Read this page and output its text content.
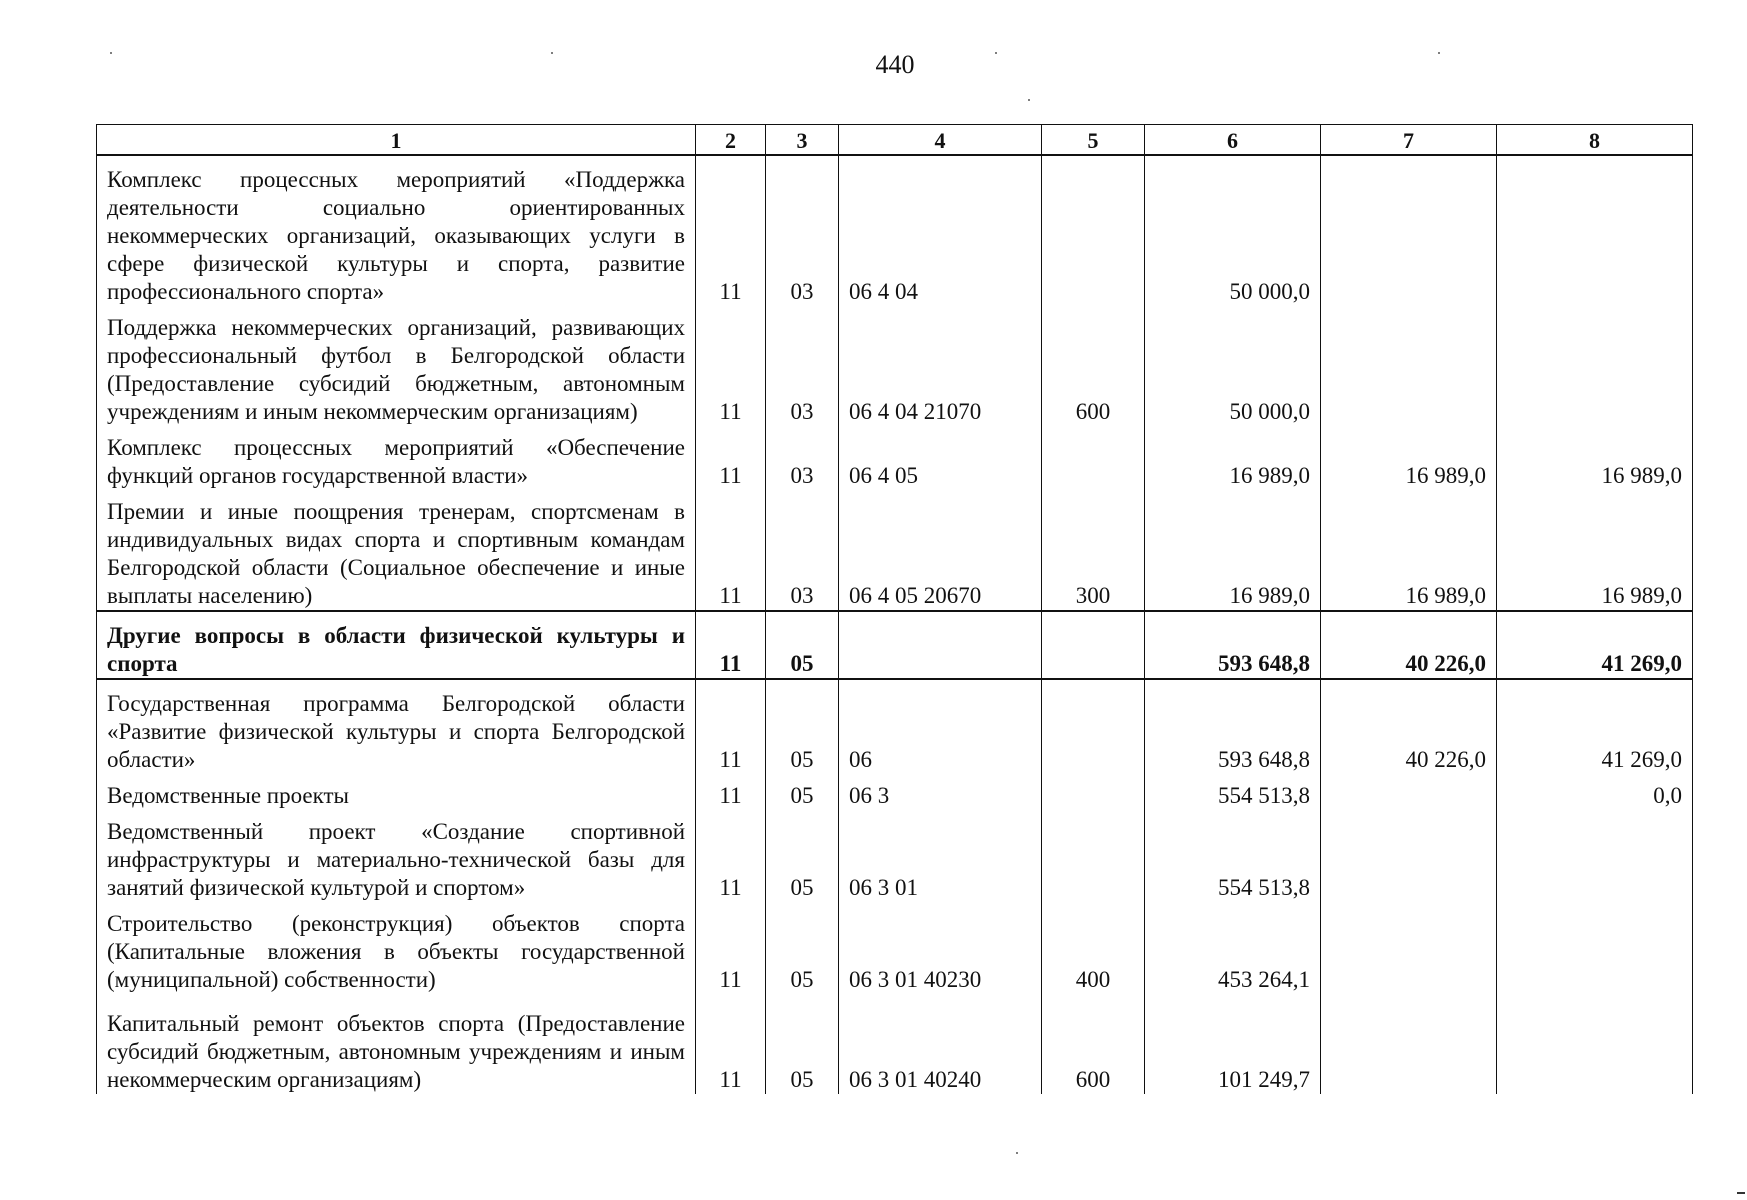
440
1	2	3	4	5	6	7	8
Комплекс процессных мероприятий «Поддержка деятельности социально ориентированных некоммерческих организаций, оказывающих услуги в сфере физической культуры и спорта, развитие профессионального спорта»	11	03	06 4 04		50 000,0		
Поддержка некоммерческих организаций, развивающих профессиональный футбол в Белгородской области (Предоставление субсидий бюджетным, автономным учреждениям и иным некоммерческим организациям)	11	03	06 4 04 21070	600	50 000,0		
Комплекс процессных мероприятий «Обеспечение функций органов государственной власти»	11	03	06 4 05		16 989,0	16 989,0	16 989,0
Премии и иные поощрения тренерам, спортсменам в индивидуальных видах спорта и спортивным командам Белгородской области (Социальное обеспечение и иные выплаты населению)	11	03	06 4 05 20670	300	16 989,0	16 989,0	16 989,0
Другие вопросы в области физической культуры и спорта	11	05			593 648,8	40 226,0	41 269,0
Государственная программа Белгородской области «Развитие физической культуры и спорта Белгородской области»	11	05	06		593 648,8	40 226,0	41 269,0
Ведомственные проекты	11	05	06 3		554 513,8		0,0
Ведомственный проект «Создание спортивной инфраструктуры и материально-технической базы для занятий физической культурой и спортом»	11	05	06 3 01		554 513,8		
Строительство (реконструкция) объектов спорта (Капитальные вложения в объекты государственной (муниципальной) собственности)	11	05	06 3 01 40230	400	453 264,1		
Капитальный ремонт объектов спорта (Предоставление субсидий бюджетным, автономным учреждениям и иным некоммерческим организациям)	11	05	06 3 01 40240	600	101 249,7		
